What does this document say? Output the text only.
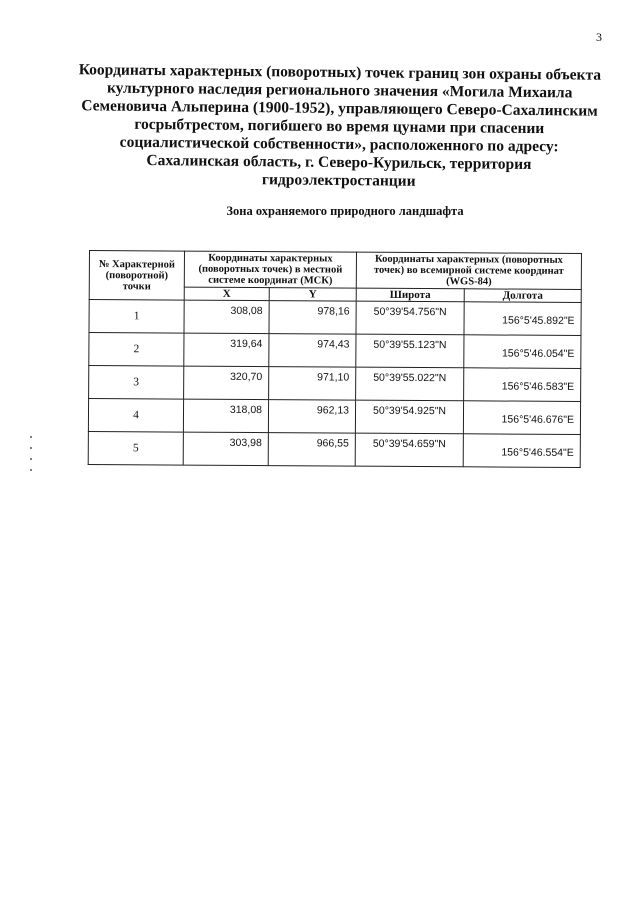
3
Координаты характерных (поворотных) точек границ зон охраны объекта
культурного наследия регионального значения «Могила Михаила
Семеновича Альперина (1900-1952), управляющего Северо-Сахалинским
госрыбтрестом, погибшего во время цунами при спасении
социалистической собственности», расположенного по адресу:
Сахалинская область, г. Северо-Курильск, территория
гидроэлектростанции
Зона охраняемого природного ландшафта
№ Характерной (поворотной) точки	Координаты характерных (поворотных точек) в местной системе координат (МСК)		Координаты характерных (поворотных точек) во всемирной системе координат (WGS-84)	
	X	Y	Широта	Долгота
1	308,08	978,16	50°39'54.756"N	156°5'45.892"E
2	319,64	974,43	50°39'55.123"N	156°5'46.054"E
3	320,70	971,10	50°39'55.022"N	156°5'46.583"E
4	318,08	962,13	50°39'54.925"N	156°5'46.676"E
5	303,98	966,55	50°39'54.659"N	156°5'46.554"E
